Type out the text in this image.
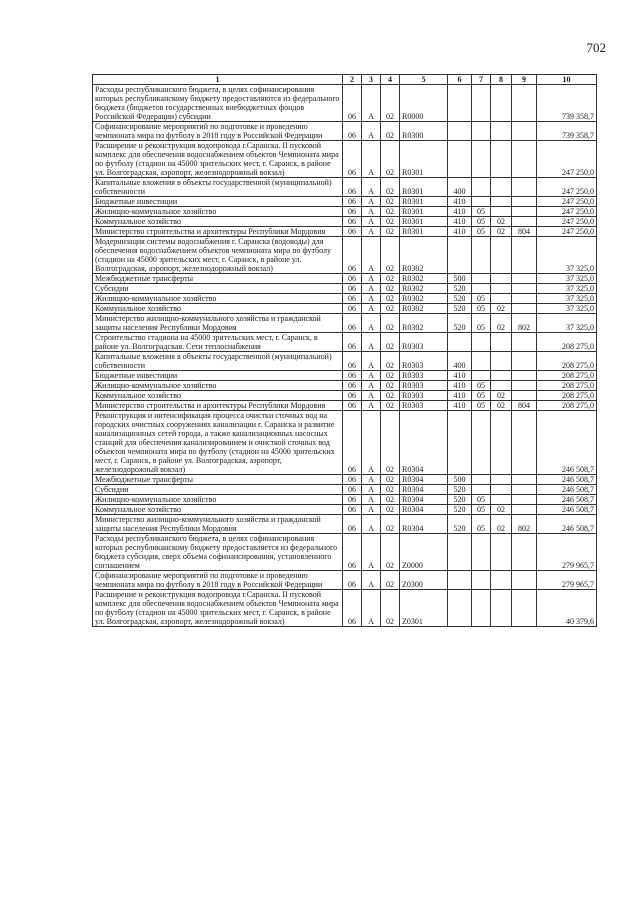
702
1	2	3	4	5	6	7	8	9	10
Расходы республиканского бюджета, в целях софинансирования которых республиканскому бюджету предоставляются из федерального бюджета (бюджетов государственных внебюджетных фондов Российской Федерации) субсидии	06	А	02	R0000					739 358,7
Софинансирование мероприятий по подготовке и проведению чемпионата мира по футболу в 2018 году в Российской Федерации	06	А	02	R0300					739 358,7
Расширение и реконструкция водопровода г.Саранска. II пусковой комплекс для обеспечения водоснабжением объектов Чемпионата мира по футболу (стадион на 45000 зрительских мест, г. Саранск, в районе ул. Волгоградская, аэропорт, железнодорожный вокзал)	06	А	02	R0301					247 250,0
Капитальные вложения в объекты государственной (муниципальной) собственности	06	А	02	R0301	400				247 250,0
Бюджетные инвестиции	06	А	02	R0301	410				247 250,0
Жилищно-коммунальное хозяйство	06	А	02	R0301	410	05			247 250,0
Коммунальное хозяйство	06	А	02	R0301	410	05	02		247 250,0
Министерство строительства и архитектуры Республики Мордовия	06	А	02	R0301	410	05	02	804	247 250,0
Модернизация системы водоснабжения г. Саранска (водоводы) для обеспечения водоснабжением объектов чемпионата мира по футболу (стадион на 45000 зрительских мест, г. Саранск, в районе ул. Волгоградская, аэропорт, железнодорожный вокзал)	06	А	02	R0302					37 325,0
Межбюджетные трансферты	06	А	02	R0302	500				37 325,0
Субсидии	06	А	02	R0302	520				37 325,0
Жилищно-коммунальное хозяйство	06	А	02	R0302	520	05			37 325,0
Коммунальное хозяйство	06	А	02	R0302	520	05	02		37 325,0
Министерство жилищно-коммунального хозяйства и гражданской защиты населения Республики Мордовия	06	А	02	R0302	520	05	02	802	37 325,0
Строительство стадиона на 45000 зрительских мест, г. Саранск, в районе ул. Волгоградская. Сети теплоснабжения	06	А	02	R0303					208 275,0
Капитальные вложения в объекты государственной (муниципальной) собственности	06	А	02	R0303	400				208 275,0
Бюджетные инвестиции	06	А	02	R0303	410				208 275,0
Жилищно-коммунальное хозяйство	06	А	02	R0303	410	05			208 275,0
Коммунальное хозяйство	06	А	02	R0303	410	05	02		208 275,0
Министерство строительства и архитектуры Республики Мордовия	06	А	02	R0303	410	05	02	804	208 275,0
Реконструкция и интенсификация процесса очистки сточных вод на городских очистных сооружениях канализации г. Саранска и развитие канализационных сетей города, а также канализационных насосных станций для обеспечения канализированием и очисткой сточных вод объектов чемпионата мира по футболу (стадион на 45000 зрительских мест, г. Саранск, в районе ул. Волгоградская, аэропорт, железнодорожный вокзал)	06	А	02	R0304					246 508,7
Межбюджетные трансферты	06	А	02	R0304	500				246 508,7
Субсидии	06	А	02	R0304	520				246 508,7
Жилищно-коммунальное хозяйство	06	А	02	R0304	520	05			246 508,7
Коммунальное хозяйство	06	А	02	R0304	520	05	02		246 508,7
Министерство жилищно-коммунального хозяйства и гражданской защиты населения Республики Мордовия	06	А	02	R0304	520	05	02	802	246 508,7
Расходы республиканского бюджета, в целях софинансирования которых республиканскому бюджету предоставляется из федерального бюджета субсидия, сверх объема софинансирования, установленного соглашением	06	А	02	Z0000					279 965,7
Софинансирование мероприятий по подготовке и проведению чемпионата мира по футболу в 2018 году в Российской Федерации	06	А	02	Z0300					279 965,7
Расширение и реконструкция водопровода г.Саранска. II пусковой комплекс для обеспечения водоснабжением объектов Чемпионата мира по футболу (стадион на 45000 зрительских мест, г. Саранск, в районе ул. Волгоградская, аэропорт, железнодорожный вокзал)	06	А	02	Z0301					40 379,6
